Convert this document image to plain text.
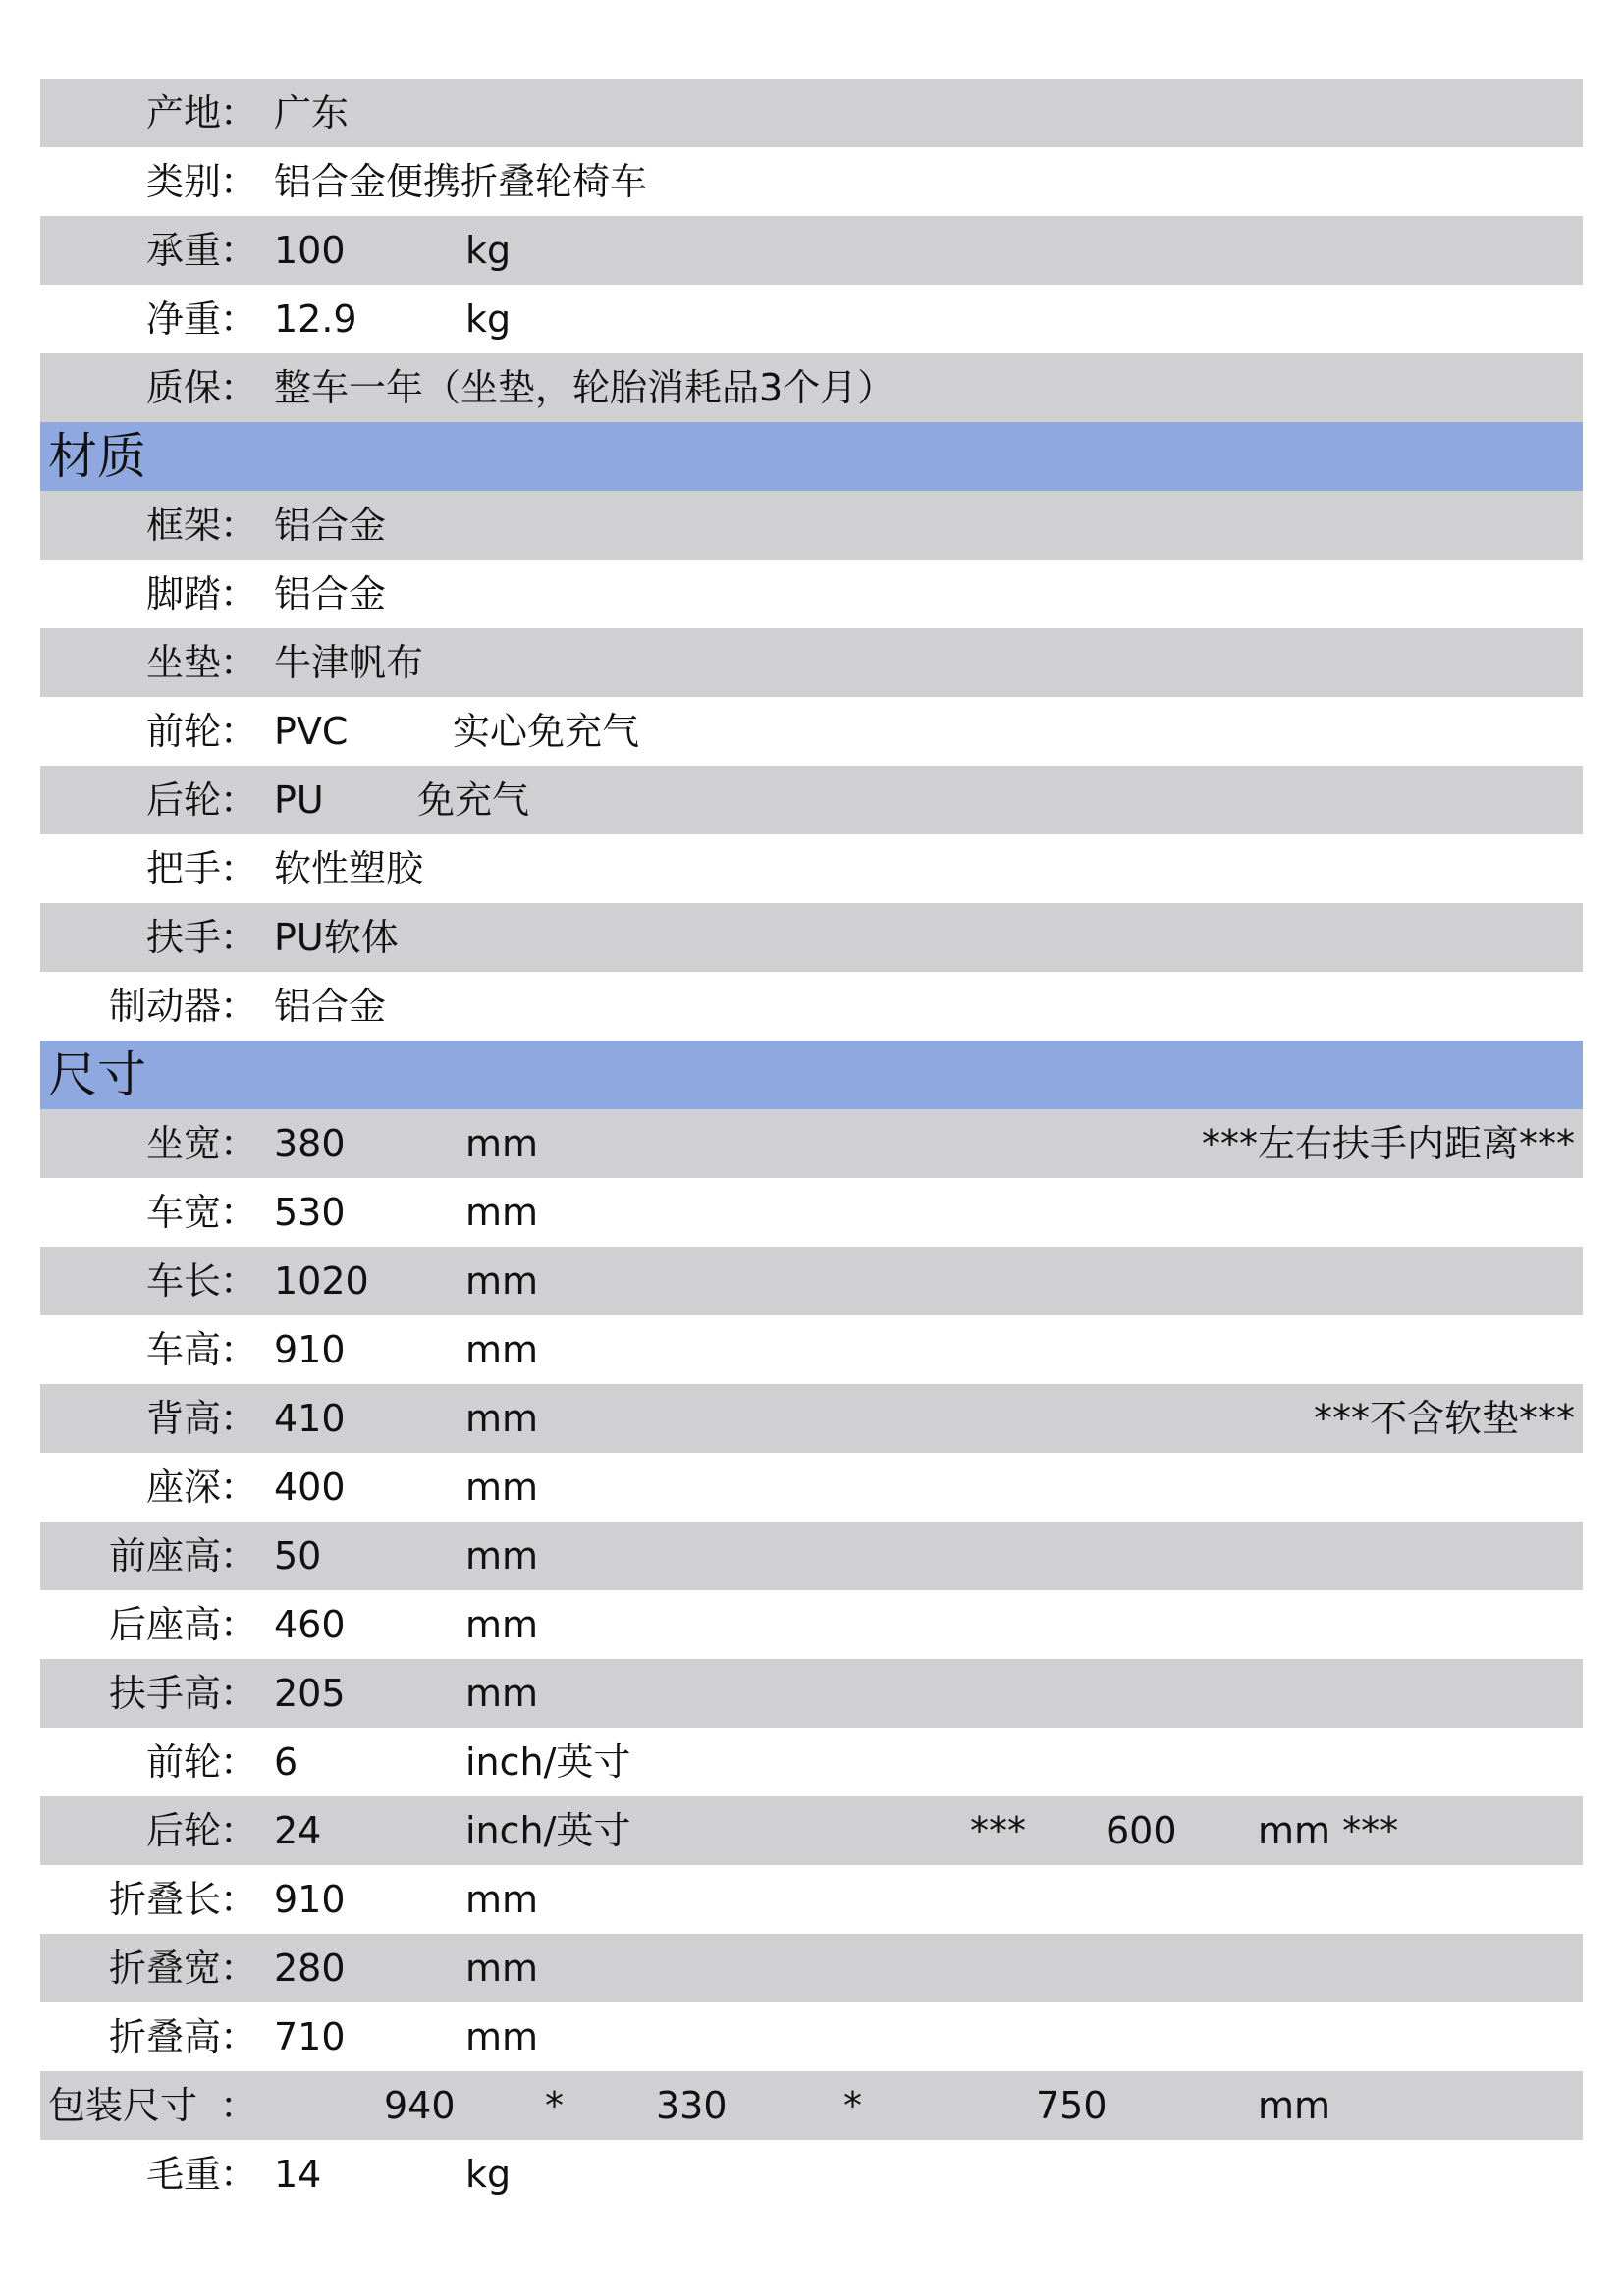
产地 ： 广东
类别 ： 铝合金便携折叠轮椅车
承重 ： 100	kg
净重 ： 12.9	kg
质保 ： 整车一年（坐垫，轮胎消耗品3个月）
材质
框架 ： 铝合金
脚踏 ： 铝合金
坐垫 ： 牛津帆布
前轮 ： PVC	实心免充气
后轮 ： PU	免充气
把手 ： 软性塑胶
扶手 ： PU软体
制动器 ： 铝合金
尺寸
坐宽 ： 380	mm	***左右扶手内距离***
车宽 ： 530	mm
车长 ： 1020	mm
车高 ： 910	mm
背高 ： 410	mm	***不含软垫***
座深 ： 400	mm
前座高 ： 50	mm
后座高 ： 460	mm
扶手高 ： 205	mm
前轮 ： 6	inch/英寸
后轮 ： 24	inch/英寸	*** 600 mm ***
折叠长 ： 910	mm
折叠宽 ： 280	mm
折叠高 ： 710	mm
包装尺寸 ：	940 * 330	*	750	mm
毛重 ： 14	kg
